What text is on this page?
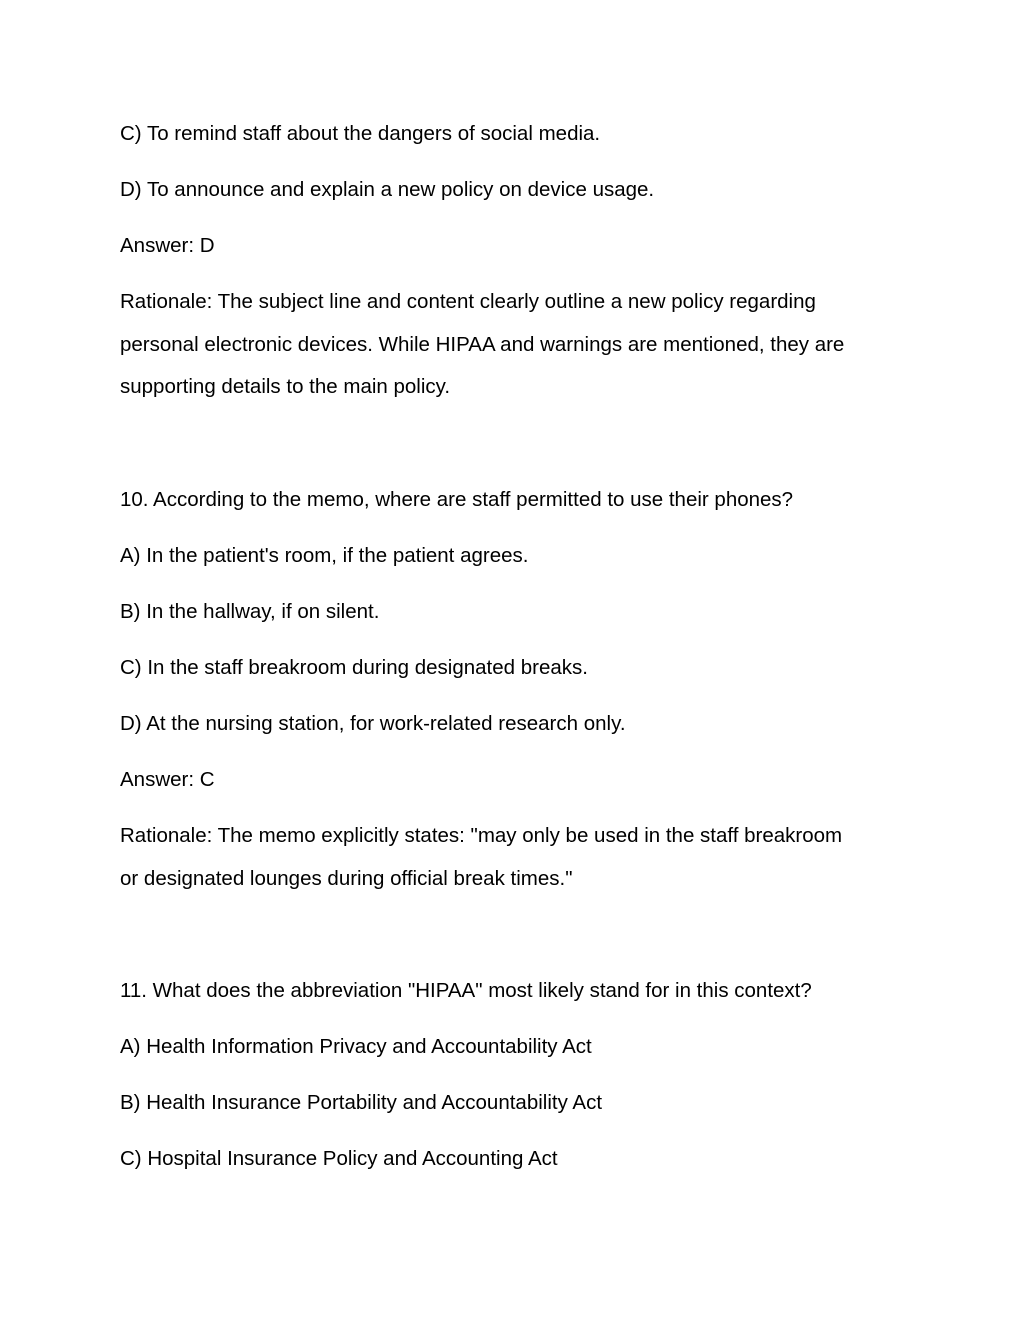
C) To remind staff about the dangers of social media.

D) To announce and explain a new policy on device usage.

Answer: D

Rationale: The subject line and content clearly outline a new policy regarding

personal electronic devices. While HIPAA and warnings are mentioned, they are

supporting details to the main policy.

10. According to the memo, where are staff permitted to use their phones?

A) In the patient's room, if the patient agrees.

B) In the hallway, if on silent.

C) In the staff breakroom during designated breaks.

D) At the nursing station, for work-related research only.

Answer: C

Rationale: The memo explicitly states: "may only be used in the staff breakroom

or designated lounges during official break times."

11. What does the abbreviation "HIPAA" most likely stand for in this context?

A) Health Information Privacy and Accountability Act

B) Health Insurance Portability and Accountability Act

C) Hospital Insurance Policy and Accounting Act
